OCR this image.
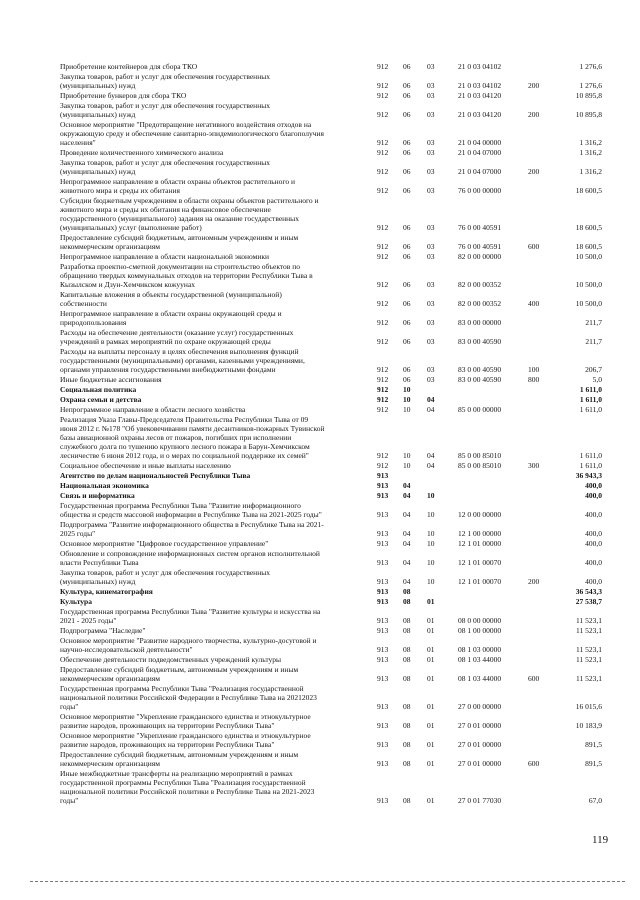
Приобретение контейнеров для сбора ТКО	912	06	03	21 0 03 04102	1 276,6
Закупка товаров, работ и услуг для обеспечения государственных
(муниципальных) нужд	912	06	03	21 0 03 04102	200	1 276,6
Приобретение бункеров для сбора ТКО	912	06	03	21 0 03 04120	10 895,8
Закупка товаров, работ и услуг для обеспечения государственных
(муниципальных) нужд	912	06	03	21 0 03 04120	200	10 895,8
Основное мероприятие "Предотвращение негативного воздействия отходов на
окружающую среду и обеспечение санитарно-эпидемиологического благополучия
населения"	912	06	03	21 0 04 00000	1 316,2
Проведение количественного химического анализа	912	06	03	21 0 04 07000	1 316,2
Закупка товаров, работ и услуг для обеспечения государственных
(муниципальных) нужд	912	06	03	21 0 04 07000	200	1 316,2
Непрограммное направление в области охраны объектов растительного и
животного мира и среды их обитания	912	06	03	76 0 00 00000	18 600,5
Субсидии бюджетным учреждениям в области охраны объектов растительного и
животного мира и среды их обитания на финансовое обеспечение
государственного (муниципального) задания на оказание государственных
(муниципальных) услуг (выполнение работ)	912	06	03	76 0 00 40591	18 600,5
Предоставление субсидий бюджетным, автономным учреждениям и иным
некоммерческим организациям	912	06	03	76 0 00 40591	600	18 600,5
Непрограммное направление в области национальной экономики	912	06	03	82 0 00 00000	10 500,0
Разработка проектно-сметной документации на строительство объектов по
обращению твердых коммунальных отходов на территории Республики Тыва в
Кызылском и Дзун-Хемчикском кожуунах	912	06	03	82 0 00 00352	10 500,0
Капитальные вложения в объекты государственной (муниципальной)
собственности	912	06	03	82 0 00 00352	400	10 500,0
Непрограммное направление в области охраны окружающей среды и
природопользования	912	06	03	83 0 00 00000	211,7
Расходы на обеспечение деятельности (оказание услуг) государственных
учреждений в рамках мероприятий по охране окружающей среды	912	06	03	83 0 00 40590	211,7
Расходы на выплаты персоналу в целях обеспечения выполнения функций
государственными (муниципальными) органами, казенными учреждениями,
органами управления государственными внебюджетными фондами	912	06	03	83 0 00 40590	100	206,7
Иные бюджетные ассигнования	912	06	03	83 0 00 40590	800	5,0
Социальная политика	912	10	1 611,0
Охрана семьи и детства	912	10	04	1 611,0
Непрограммное направление в области лесного хозяйства	912	10	04	85 0 00 00000	1 611,0
Реализация Указа Главы-Председателя Правительства Республики Тыва от 09
июня 2012 г. №178 "Об увековечивании памяти десантников-пожарных Тувинской
базы авиационной охраны лесов от пожаров, погибших при исполнении
служебного долга по тушению крупного лесного пожара в Барун-Хемчикском
лесничестве 6 июня 2012 года, и о мерах по социальной поддержке их семей"	912	10	04	85 0 00 85010	1 611,0
Социальное обеспечение и иные выплаты населению	912	10	04	85 0 00 85010	300	1 611,0
Агентство по делам национальностей Республики Тыва	913	36 943,3
Национальная экономика	913	04	400,0
Связь и информатика	913	04	10	400,0
Государственная программа Республики Тыва "Развитие информационного
общества и средств массовой информации в Республике Тыва на 2021-2025 годы"	913	04	10	12 0 00 00000	400,0
Подпрограмма "Развитие информационного общества в Республике Тыва на 2021-
2025 годы"	913	04	10	12 1 00 00000	400,0
Основное мероприятие "Цифровое государственное управление"	913	04	10	12 1 01 00000	400,0
Обновление и сопровождение информационных систем органов исполнительной
власти Республики Тыва	913	04	10	12 1 01 00070	400,0
Закупка товаров, работ и услуг для обеспечения государственных
(муниципальных) нужд	913	04	10	12 1 01 00070	200	400,0
Культура, кинематография	913	08	36 543,3
Культура	913	08	01	27 538,7
Государственная программа Республики Тыва "Развитие культуры и искусства на
2021 - 2025 годы"	913	08	01	08 0 00 00000	11 523,1
Подпрограмма "Наследие"	913	08	01	08 1 00 00000	11 523,1
Основное мероприятие "Развитие народного творчества, культурно-досуговой и
научно-исследовательской деятельности"	913	08	01	08 1 03 00000	11 523,1
Обеспечение деятельности подведомственных учреждений культуры	913	08	01	08 1 03 44000	11 523,1
Предоставление субсидий бюджетным, автономным учреждениям и иным
некоммерческим организациям	913	08	01	08 1 03 44000	600	11 523,1
Государственная программа Республики Тыва "Реализация государственной
национальной политики Российской Федерации в Республике Тыва на 20212023
годы"	913	08	01	27 0 00 00000	16 015,6
Основное мероприятие "Укрепление гражданского единства и этнокультурное
развитие народов, проживающих на территории Республики Тыва"	913	08	01	27 0 01 00000	10 183,9
Основное мероприятие "Укрепление гражданского единства и этнокультурное
развитие народов, проживающих на территории Республики Тыва"	913	08	01	27 0 01 00000	891,5
Предоставление субсидий бюджетным, автономным учреждениям и иным
некоммерческим организациям	913	08	01	27 0 01 00000	600	891,5
Иные межбюджетные трансферты на реализацию мероприятий в рамках
государственной программы Республики Тыва "Реализация государственной
национальной политики Российской политики в Республике Тыва на 2021-2023
годы"	913	08	01	27 0 01 77030	67,0
119
